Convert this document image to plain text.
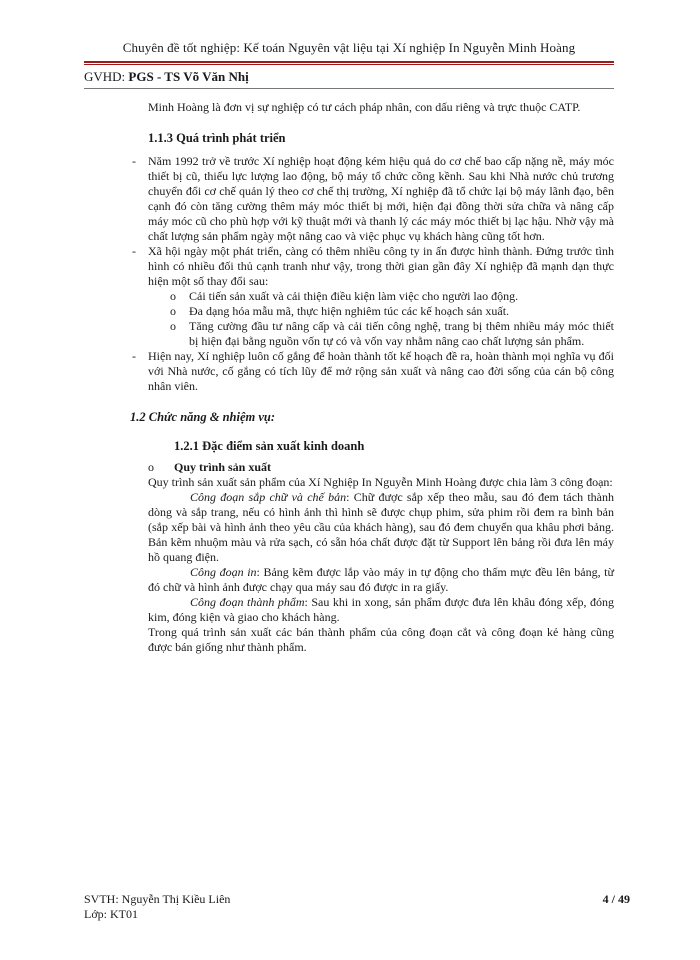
Chuyên đề tốt nghiệp: Kế toán Nguyên vật liệu tại Xí nghiệp In Nguyễn Minh Hoàng
GVHD: PGS - TS Võ Văn Nhị

Minh Hoàng là đơn vị sự nghiệp có tư cách pháp nhân, con dấu riêng và trực thuộc CATP.

1.1.3 Quá trình phát triển

- Năm 1992 trở về trước Xí nghiệp hoạt động kém hiệu quả do cơ chế bao cấp nặng nề, máy móc thiết bị cũ, thiếu lực lượng lao động, bộ máy tổ chức cồng kềnh. Sau khi Nhà nước chủ trương chuyển đổi cơ chế quản lý theo cơ chế thị trường, Xí nghiệp đã tổ chức lại bộ máy lãnh đạo, bên cạnh đó còn tăng cường thêm máy móc thiết bị mới, hiện đại đồng thời sửa chữa và nâng cấp máy móc cũ cho phù hợp với kỹ thuật mới và thanh lý các máy móc thiết bị lạc hậu. Nhờ vậy mà chất lượng sản phẩm ngày một nâng cao và việc phục vụ khách hàng cũng tốt hơn.
- Xã hội ngày một phát triển, càng có thêm nhiều công ty in ấn được hình thành. Đứng trước tình hình có nhiều đối thủ cạnh tranh như vậy, trong thời gian gần đây Xí nghiệp đã mạnh dạn thực hiện một số thay đổi sau:
o Cải tiến sản xuất và cải thiện điều kiện làm việc cho người lao động.
o Đa dạng hóa mẫu mã, thực hiện nghiêm túc các kế hoạch sản xuất.
o Tăng cường đầu tư nâng cấp và cải tiến công nghệ, trang bị thêm nhiều máy móc thiết bị hiện đại bằng nguồn vốn tự có và vốn vay nhằm nâng cao chất lượng sản phẩm.
- Hiện nay, Xí nghiệp luôn cố gắng để hoàn thành tốt kế hoạch đề ra, hoàn thành mọi nghĩa vụ đối với Nhà nước, cố gắng có tích lũy để mở rộng sản xuất và nâng cao đời sống của cán bộ công nhân viên.

1.2 Chức năng & nhiệm vụ:

1.2.1 Đặc điểm sản xuất kinh doanh

o Quy trình sản xuất

Quy trình sản xuất sản phẩm của Xí Nghiệp In Nguyễn Minh Hoàng được chia làm 3 công đoạn:

Công đoạn sắp chữ và chế bản: Chữ được sắp xếp theo mẫu, sau đó đem tách thành dòng và sắp trang, nếu có hình ảnh thì hình sẽ được chụp phim, sửa phim rồi đem ra bình bản (sắp xếp bài và hình ảnh theo yêu cầu của khách hàng), sau đó đem chuyển qua khâu phơi bảng. Bản kẽm nhuộm màu và rửa sạch, có sẵn hóa chất được đặt từ Support lên bảng rồi đưa lên máy hồ quang điện.

Công đoạn in: Bảng kẽm được lắp vào máy in tự động cho thấm mực đều lên bảng, từ đó chữ và hình ảnh được chạy qua máy sau đó được in ra giấy.

Công đoạn thành phẩm: Sau khi in xong, sản phẩm được đưa lên khâu đóng xếp, đóng kim, đóng kiện và giao cho khách hàng.

Trong quá trình sản xuất các bán thành phẩm của công đoạn cắt và công đoạn kẻ hàng cũng được bán giống như thành phẩm.

SVTH: Nguyễn Thị Kiều Liên
Lớp: KT01
4 / 49
